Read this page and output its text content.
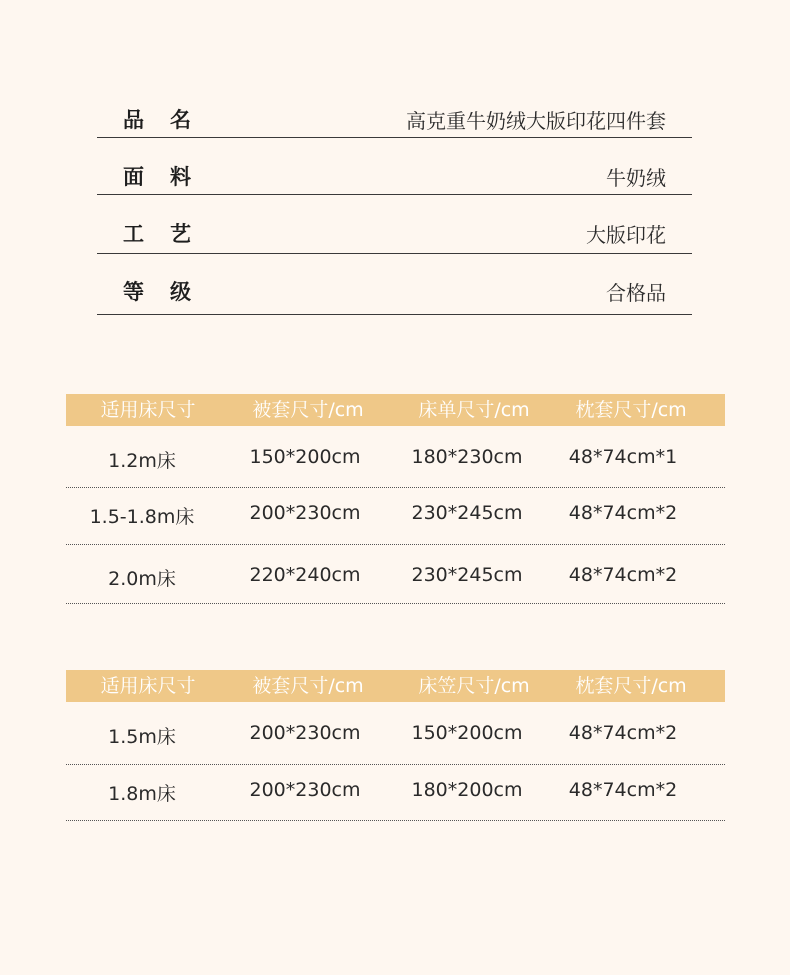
品 名	高克重牛奶绒大版印花四件套
面 料	牛奶绒
工 艺	大版印花
等 级	合格品
适用床尺寸	被套尺寸/cm	床单尺寸/cm 枕套尺寸/cm
1.2m床	150*200cm	180*230cm 48*74cm*1
1.5-1.8m床	200*230cm	230*245cm 48*74cm*2
2.0m床	220*240cm	230*245cm 48*74cm*2
适用床尺寸	被套尺寸/cm	床笠尺寸/cm 枕套尺寸/cm
1.5m床	200*230cm	150*200cm 48*74cm*2
1.8m床	200*230cm	180*200cm 48*74cm*2
